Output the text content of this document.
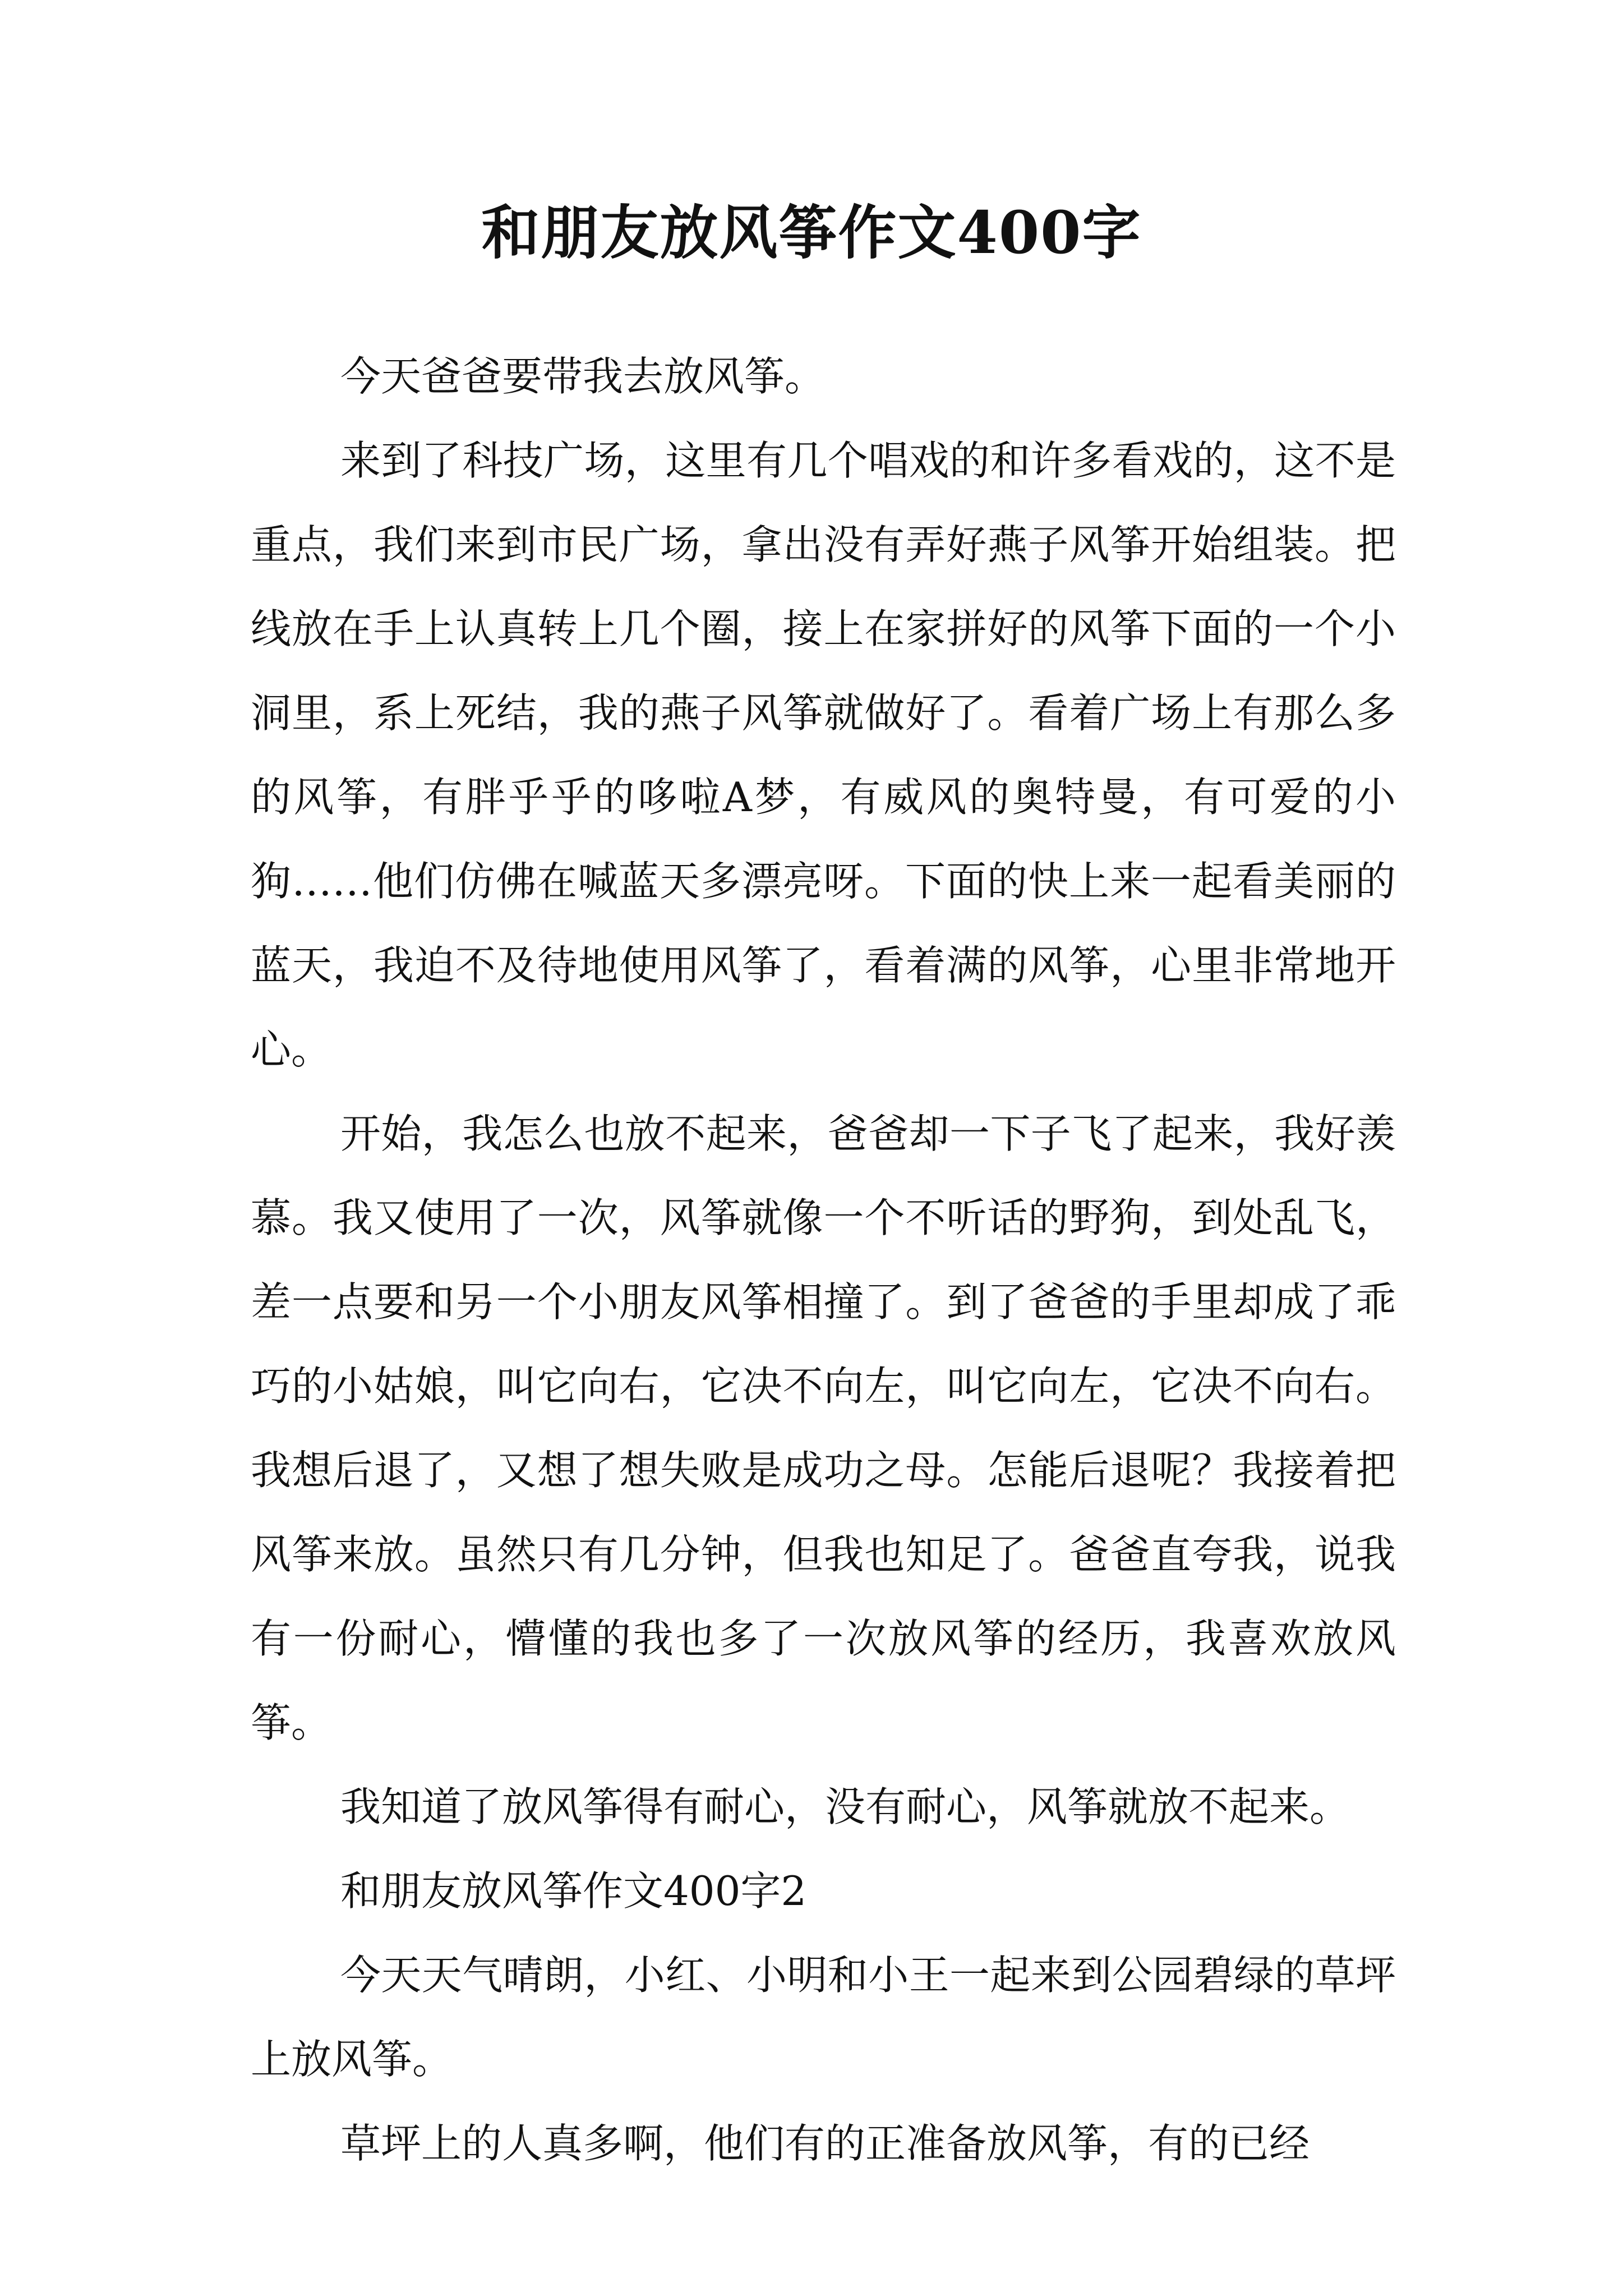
和朋友放风筝作文400字

今天爸爸要带我去放风筝。

来到了科技广场，这里有几个唱戏的和许多看戏的，这不是重点，我们来到市民广场，拿出没有弄好燕子风筝开始组装。把线放在手上认真转上几个圈，接上在家拼好的风筝下面的一个小洞里，系上死结，我的燕子风筝就做好了。看着广场上有那么多的风筝，有胖乎乎的哆啦A梦，有威风的奥特曼，有可爱的小狗……他们仿佛在喊蓝天多漂亮呀。下面的快上来一起看美丽的蓝天，我迫不及待地使用风筝了，看着满的风筝，心里非常地开心。

开始，我怎么也放不起来，爸爸却一下子飞了起来，我好羡慕。我又使用了一次，风筝就像一个不听话的野狗，到处乱飞，差一点要和另一个小朋友风筝相撞了。到了爸爸的手里却成了乖巧的小姑娘，叫它向右，它决不向左，叫它向左，它决不向右。我想后退了，又想了想失败是成功之母。怎能后退呢？我接着把风筝来放。虽然只有几分钟，但我也知足了。爸爸直夸我，说我有一份耐心，懵懂的我也多了一次放风筝的经历，我喜欢放风筝。

我知道了放风筝得有耐心，没有耐心，风筝就放不起来。

和朋友放风筝作文400字2

今天天气晴朗，小红、小明和小王一起来到公园碧绿的草坪上放风筝。

草坪上的人真多啊，他们有的正准备放风筝，有的已经
